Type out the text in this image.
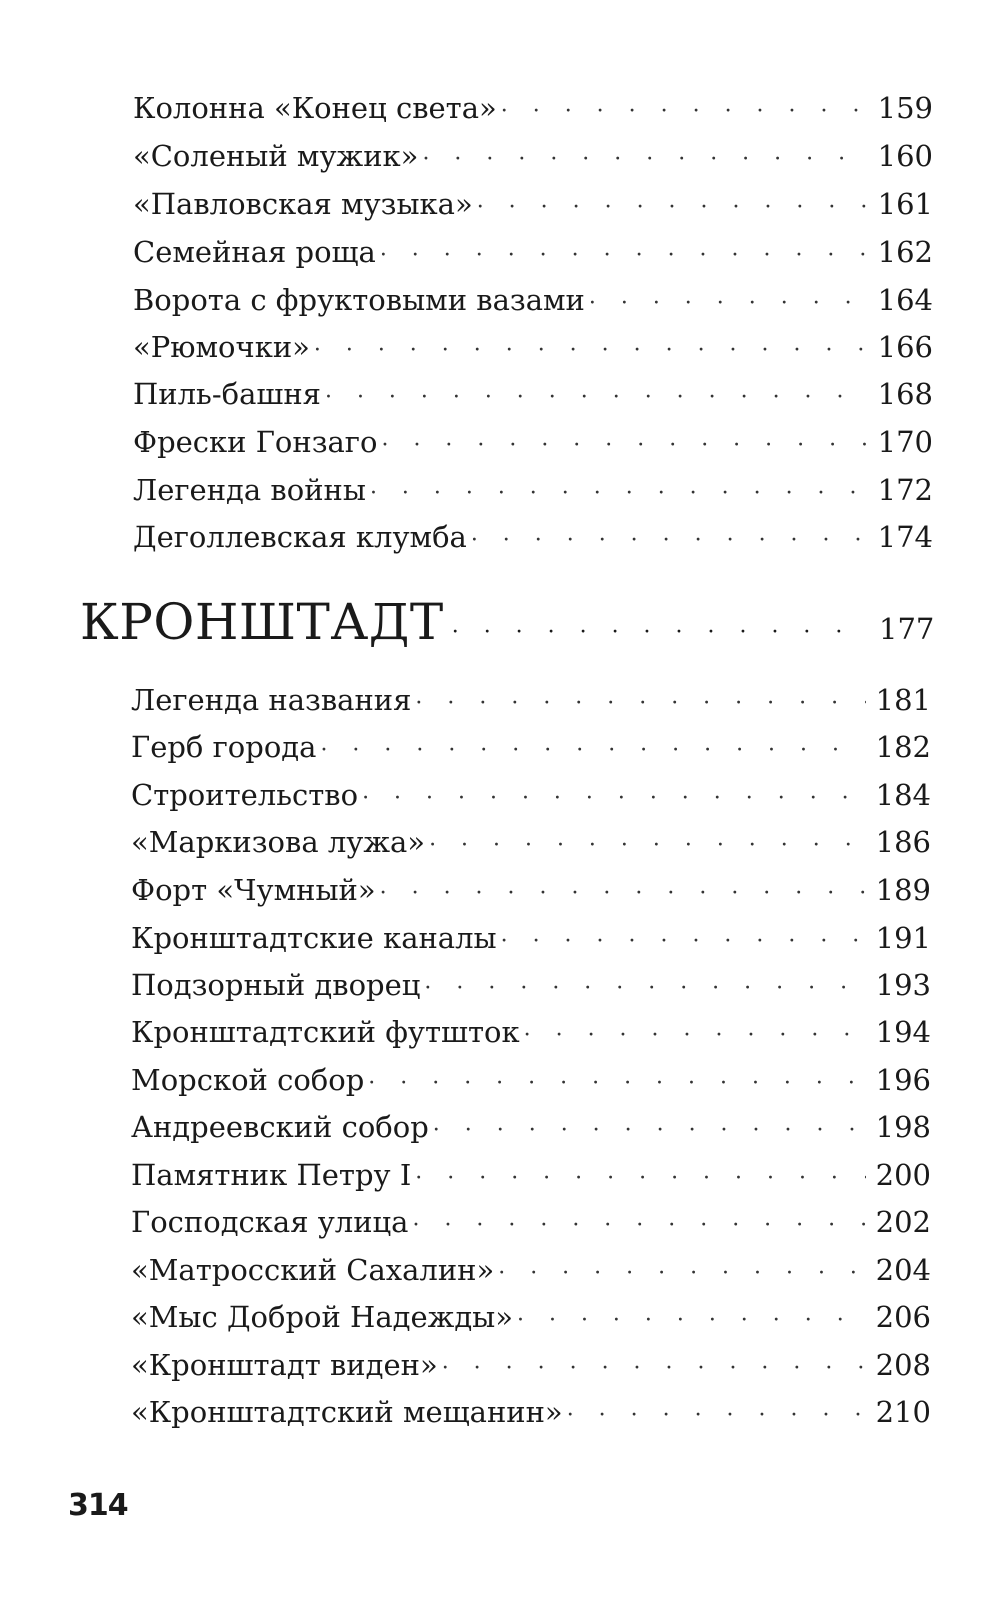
Колонна «Конец света» · ·	159
«Соленый мужик» · ·	160
«Павловская музыка» · ·	161
Семейная роща · ·	162
Ворота с фруктовыми вазами · ·	164
«Рюмочки» · ·	166
Пиль-башня · ·	168
Фрески Гонзаго · ·	170
Легенда войны · ·	172
Деголлевская клумба · ·	174
КРОНШТАДТ · ·	177
Легенда названия · ·	181
Герб города · ·	182
Строительство · ·	184
«Маркизова лужа» · ·	186
Форт «Чумный» · ·	189
Кронштадтские каналы · ·	191
Подзорный дворец · ·	193
Кронштадтский футшток · ·	194
Морской собор · ·	196
Андреевский собор · ·	198
Памятник Петру I · ·	200
Господская улица · ·	202
«Матросский Сахалин» · ·	204
«Мыс Доброй Надежды» · ·	206
«Кронштадт виден» · ·	208
«Кронштадтский мещанин» · ·	210
314
